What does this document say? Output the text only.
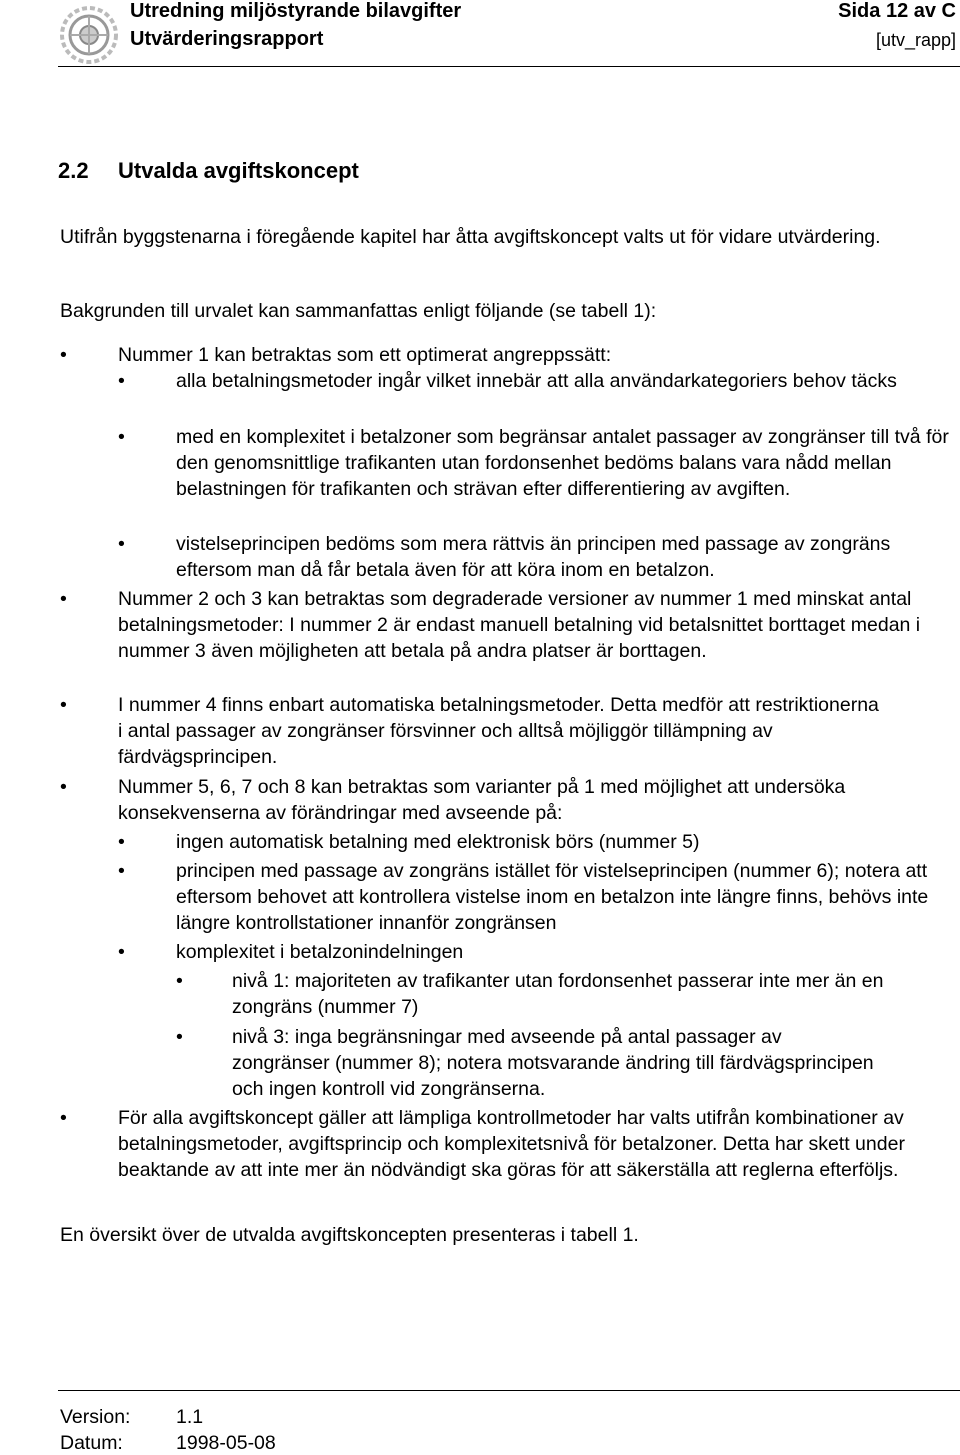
Utredning miljöstyrande bilavgifter
Utvärderingsrapport
Sida 12 av C
[utv_rapp]
2.2 Utvalda avgiftskoncept
Utifrån byggstenarna i föregående kapitel har åtta avgiftskoncept valts ut för vidare utvärdering.
Bakgrunden till urvalet kan sammanfattas enligt följande (se tabell 1):
•	Nummer 1 kan betraktas som ett optimerat angreppssätt:
•	alla betalningsmetoder ingår vilket innebär att alla användarkategoriers behov täcks
•	med en komplexitet i betalzoner som begränsar antalet passager av zongränser till två för den genomsnittlige trafikanten utan fordonsenhet bedöms balans vara nådd mellan belastningen för trafikanten och strävan efter differentiering av avgiften.
•	vistelseprincipen bedöms som mera rättvis än principen med passage av zongräns eftersom man då får betala även för att köra inom en betalzon.
•	Nummer 2 och 3 kan betraktas som degraderade versioner av nummer 1 med minskat antal betalningsmetoder: I nummer 2 är endast manuell betalning vid betalsnittet borttaget medan i nummer 3 även möjligheten att betala på andra platser är borttagen.
•	I nummer 4 finns enbart automatiska betalningsmetoder. Detta medför att restriktionerna i antal passager av zongränser försvinner och alltså möjliggör tillämpning av färdvägsprincipen.
•	Nummer 5, 6, 7 och 8 kan betraktas som varianter på 1 med möjlighet att undersöka konsekvenserna av förändringar med avseende på:
•	ingen automatisk betalning med elektronisk börs (nummer 5)
•	principen med passage av zongräns istället för vistelseprincipen (nummer 6); notera att eftersom behovet att kontrollera vistelse inom en betalzon inte längre finns, behövs inte längre kontrollstationer innanför zongränsen
•	komplexitet i betalzonindelningen
•	nivå 1: majoriteten av trafikanter utan fordonsenhet passerar inte mer än en zongräns (nummer 7)
•	nivå 3: inga begränsningar med avseende på antal passager av zongränser (nummer 8); notera motsvarande ändring till färdvägsprincipen och ingen kontroll vid zongränserna.
•	För alla avgiftskoncept gäller att lämpliga kontrollmetoder har valts utifrån kombinationer av betalningsmetoder, avgiftsprincip och komplexitetsnivå för betalzoner. Detta har skett under beaktande av att inte mer än nödvändigt ska göras för att säkerställa att reglerna efterföljs.
En översikt över de utvalda avgiftskoncepten presenteras i tabell 1.
Version: 1.1
Datum:	1998-05-08
